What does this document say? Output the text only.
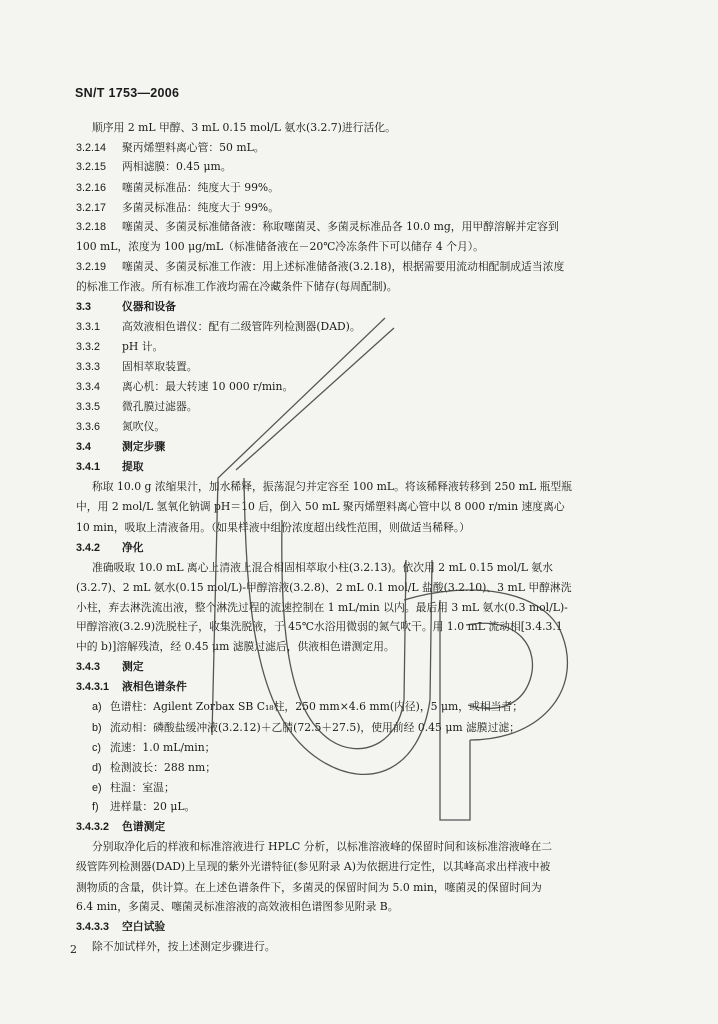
SN/T 1753—2006
顺序用 2 mL 甲醇、3 mL 0.15 mol/L 氨水(3.2.7)进行活化。
3.2.14 聚丙烯塑料离心管：50 mL。
3.2.15 两相滤膜：0.45 μm。
3.2.16 噻菌灵标准品：纯度大于 99%。
3.2.17 多菌灵标准品：纯度大于 99%。
3.2.18 噻菌灵、多菌灵标准储备液：称取噻菌灵、多菌灵标准品各 10.0 mg，用甲醇溶解并定容到
100 mL，浓度为 100 μg/mL（标准储备液在－20℃冷冻条件下可以储存 4 个月）。
3.2.19 噻菌灵、多菌灵标准工作液：用上述标准储备液(3.2.18)，根据需要用流动相配制成适当浓度
的标准工作液。所有标准工作液均需在冷藏条件下储存(每周配制)。
3.3	仪器和设备
3.3.1 高效液相色谱仪：配有二级管阵列检测器(DAD)。
3.3.2 pH 计。
3.3.3 固相萃取装置。
3.3.4 离心机：最大转速 10 000 r/min。
3.3.5 微孔膜过滤器。
3.3.6 氮吹仪。
3.4	测定步骤
3.4.1 提取
称取 10.0 g 浓缩果汁，加水稀释，振荡混匀并定容至 100 mL。将该稀释液转移到 250 mL 瓶型瓶
中，用 2 mol/L 氢氧化钠调 pH＝10 后，倒入 50 mL 聚丙烯塑料离心管中以 8 000 r/min 速度离心
10 min，吸取上清液备用。（如果样液中组份浓度超出线性范围，则做适当稀释。）
3.4.2 净化
准确吸取 10.0 mL 离心上清液上混合相固相萃取小柱(3.2.13)。依次用 2 mL 0.15 mol/L 氨水
(3.2.7)、2 mL 氨水(0.15 mol/L)-甲醇溶液(3.2.8)、2 mL 0.1 mol/L 盐酸(3.2.10)、3 mL 甲醇淋洗
小柱，弃去淋洗流出液，整个淋洗过程的流速控制在 1 mL/min 以内。最后用 3 mL 氨水(0.3 mol/L)-
甲醇溶液(3.2.9)洗脱柱子，收集洗脱液，于 45℃水浴用微弱的氮气吹干。用 1.0 mL 流动相[3.4.3.1
中的 b)]溶解残渣，经 0.45 μm 滤膜过滤后，供液相色谱测定用。
3.4.3 测定
3.4.3.1 液相色谱条件
a) 色谱柱：Agilent Zorbax SB C₁₈柱，250 mm×4.6 mm(内径)，5 μm，或相当者；
b) 流动相：磷酸盐缓冲液(3.2.12)＋乙腈(72.5＋27.5)，使用前经 0.45 μm 滤膜过滤；
c) 流速：1.0 mL/min；
d) 检测波长：288 nm；
e) 柱温：室温；
f) 进样量：20 μL。
3.4.3.2 色谱测定
分别取净化后的样液和标准溶液进行 HPLC 分析，以标准溶液峰的保留时间和该标准溶液峰在二
级管阵列检测器(DAD)上呈现的紫外光谱特征(参见附录 A)为依据进行定性，以其峰高求出样液中被
测物质的含量，供计算。在上述色谱条件下，多菌灵的保留时间为 5.0 min，噻菌灵的保留时间为
6.4 min，多菌灵、噻菌灵标准溶液的高效液相色谱图参见附录 B。
3.4.3.3 空白试验
除不加试样外，按上述测定步骤进行。
2
